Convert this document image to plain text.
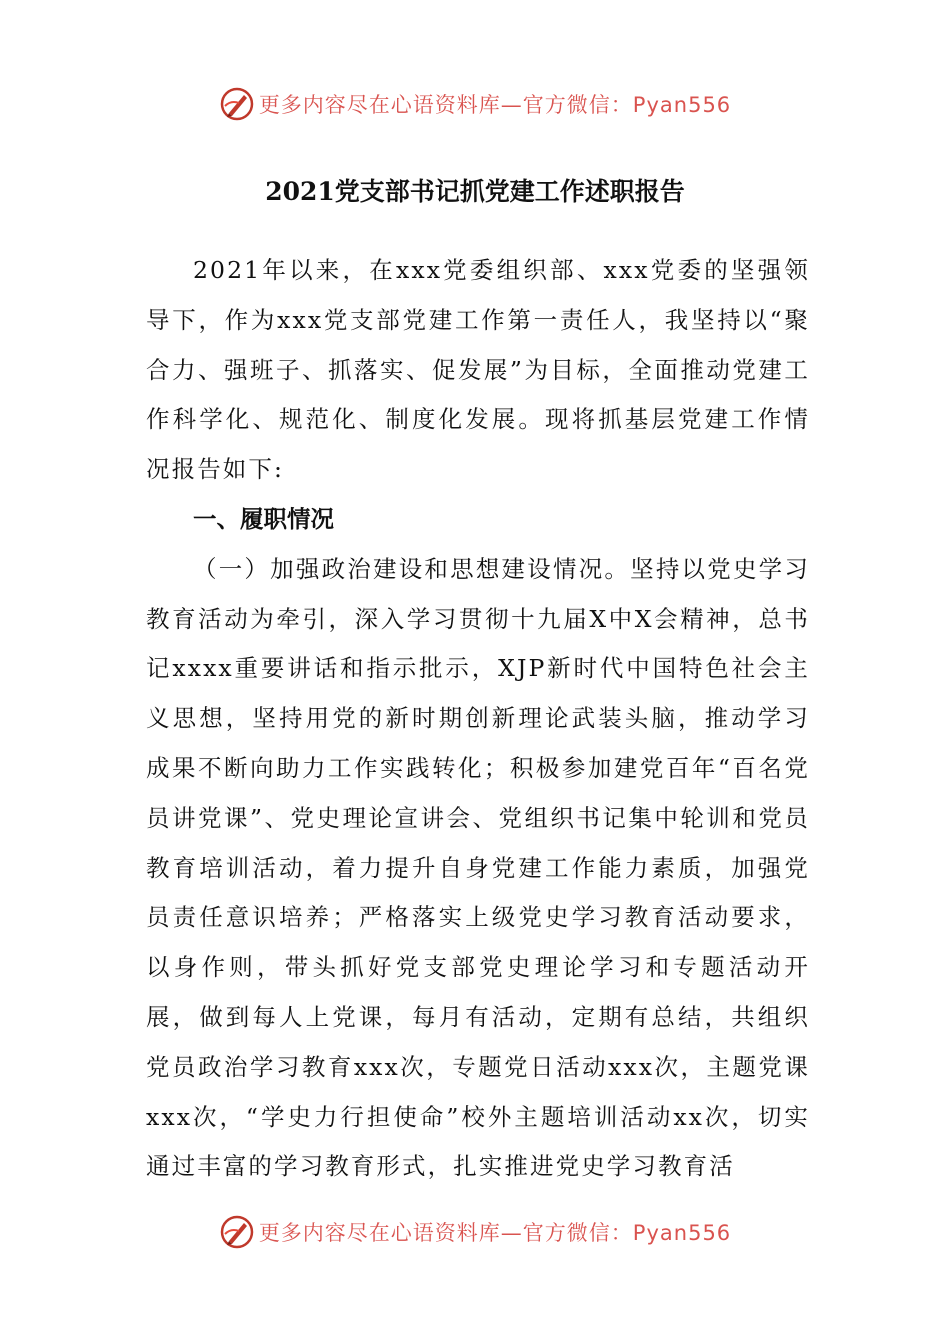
更多内容尽在心语资料库—官方微信：Pyan556
2021党支部书记抓党建工作述职报告

2021年以来，在xxx党委组织部、xxx党委的坚强领导下，作为xxx党支部党建工作第一责任人，我坚持以“聚合力、强班子、抓落实、促发展”为目标，全面推动党建工作科学化、规范化、制度化发展。现将抓基层党建工作情况报告如下:

一、履职情况

（一）加强政治建设和思想建设情况。坚持以党史学习教育活动为牵引，深入学习贯彻十九届X中X会精神，总书记xxxx重要讲话和指示批示，XJP新时代中国特色社会主义思想，坚持用党的新时期创新理论武装头脑，推动学习成果不断向助力工作实践转化；积极参加建党百年“百名党员讲党课”、党史理论宣讲会、党组织书记集中轮训和党员教育培训活动，着力提升自身党建工作能力素质，加强党员责任意识培养；严格落实上级党史学习教育活动要求，以身作则，带头抓好党支部党史理论学习和专题活动开展，做到每人上党课，每月有活动，定期有总结，共组织党员政治学习教育xxx次，专题党日活动xxx次，主题党课xxx次，“学史力行担使命”校外主题培训活动xx次，切实通过丰富的学习教育形式，扎实推进党史学习教育活

更多内容尽在心语资料库—官方微信：Pyan556
